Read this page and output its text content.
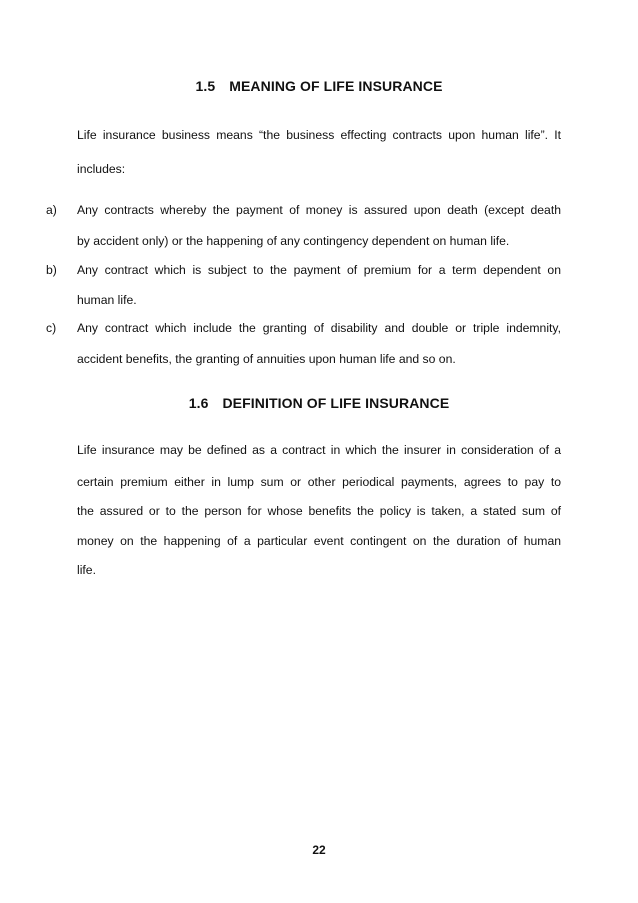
1.5 MEANING OF LIFE INSURANCE
Life insurance business means “the business effecting contracts upon human life”. It
includes:
a) Any contracts whereby the payment of money is assured upon death (except death
by accident only) or the happening of any contingency dependent on human life.
b) Any contract which is subject to the payment of premium for a term dependent on
human life.
c) Any contract which include the granting of disability and double or triple indemnity,
accident benefits, the granting of annuities upon human life and so on.
1.6 DEFINITION OF LIFE INSURANCE
Life insurance may be defined as a contract in which the insurer in consideration of a
certain premium either in lump sum or other periodical payments, agrees to pay to
the assured or to the person for whose benefits the policy is taken, a stated sum of
money on the happening of a particular event contingent on the duration of human
life.
22
